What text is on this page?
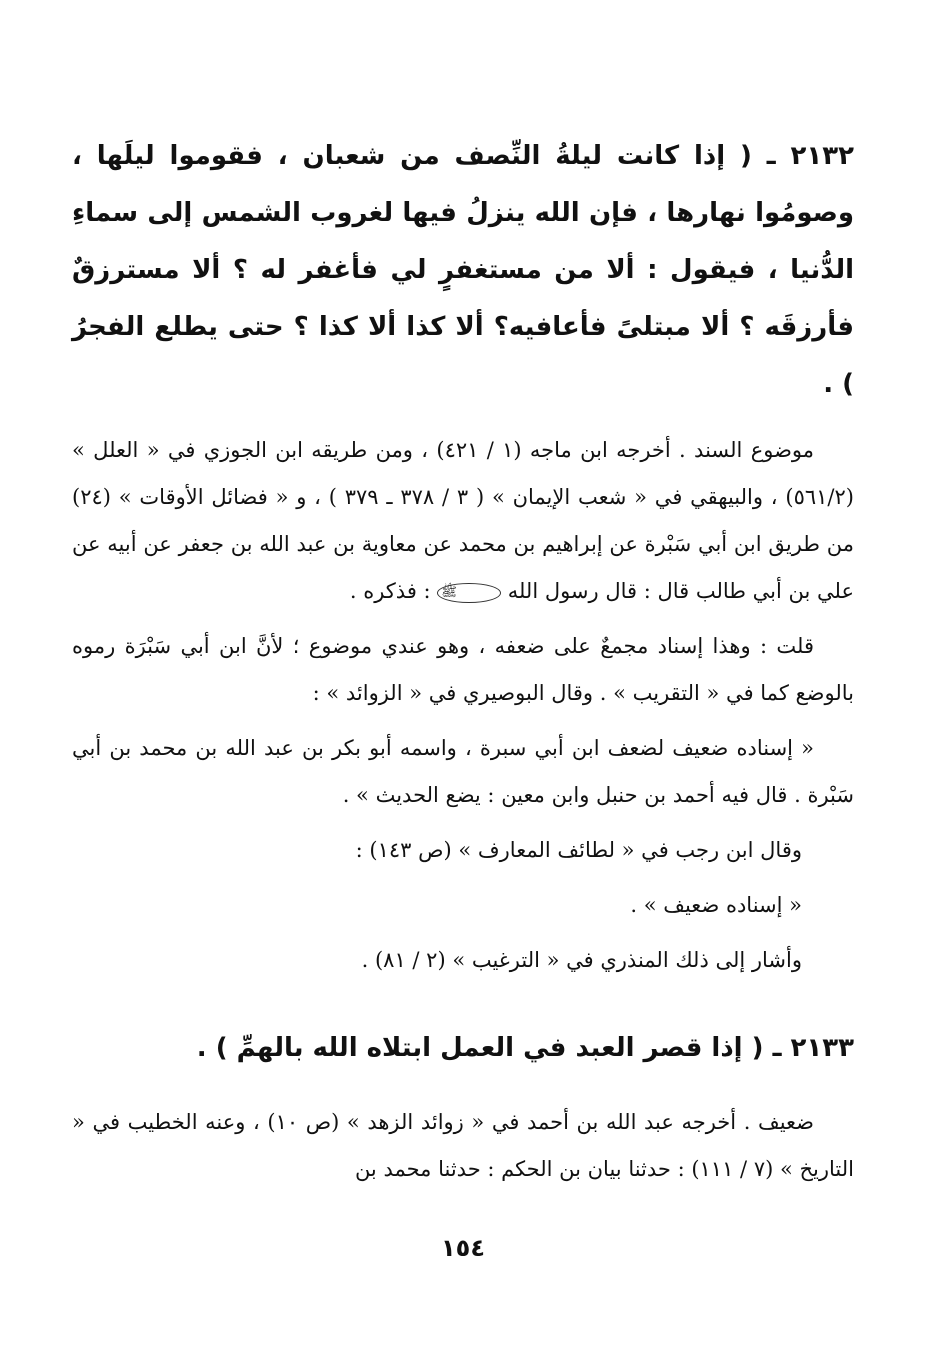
٢١٣٢ ـ ( إذا كانت ليلةُ النِّصف من شعبان ، فقوموا ليلَها ، وصومُوا نهارها ، فإن الله ينزلُ فيها لغروب الشمس إلى سماءِ الدُّنيا ، فيقول : ألا من مستغفرٍ لي فأغفر له ؟ ألا مسترزقٌ فأرزقَه ؟ ألا مبتلىً فأعافيه؟ ألا كذا ألا كذا ؟ حتى يطلع الفجرُ ) .

موضوع السند . أخرجه ابن ماجه (١ / ٤٢١) ، ومن طريقه ابن الجوزي في « العلل » (٥٦١/٢) ، والبيهقي في « شعب الإيمان » ( ٣ / ٣٧٨ ـ ٣٧٩ ) ، و « فضائل الأوقات » (٢٤) من طريق ابن أبي سَبْرة عن إبراهيم بن محمد عن معاوية بن عبد الله بن جعفر عن أبيه عن علي بن أبي طالب قال : قال رسول الله ﷺ : فذكره .

قلت : وهذا إسناد مجمعٌ على ضعفه ، وهو عندي موضوع ؛ لأنَّ ابن أبي سَبْرَة رموه بالوضع كما في « التقريب » . وقال البوصيري في « الزوائد » :

« إسناده ضعيف لضعف ابن أبي سبرة ، واسمه أبو بكر بن عبد الله بن محمد بن أبي سَبْرة . قال فيه أحمد بن حنبل وابن معين : يضع الحديث » .

وقال ابن رجب في « لطائف المعارف » (ص ١٤٣) :

« إسناده ضعيف » .

وأشار إلى ذلك المنذري في « الترغيب » (٢ / ٨١) .

٢١٣٣ ـ ( إذا قصر العبد في العمل ابتلاه الله بالهمِّ ) .

ضعيف . أخرجه عبد الله بن أحمد في « زوائد الزهد » (ص ١٠) ، وعنه الخطيب في « التاريخ » (٧ / ١١١) : حدثنا بيان بن الحكم : حدثنا محمد بن

١٥٤
